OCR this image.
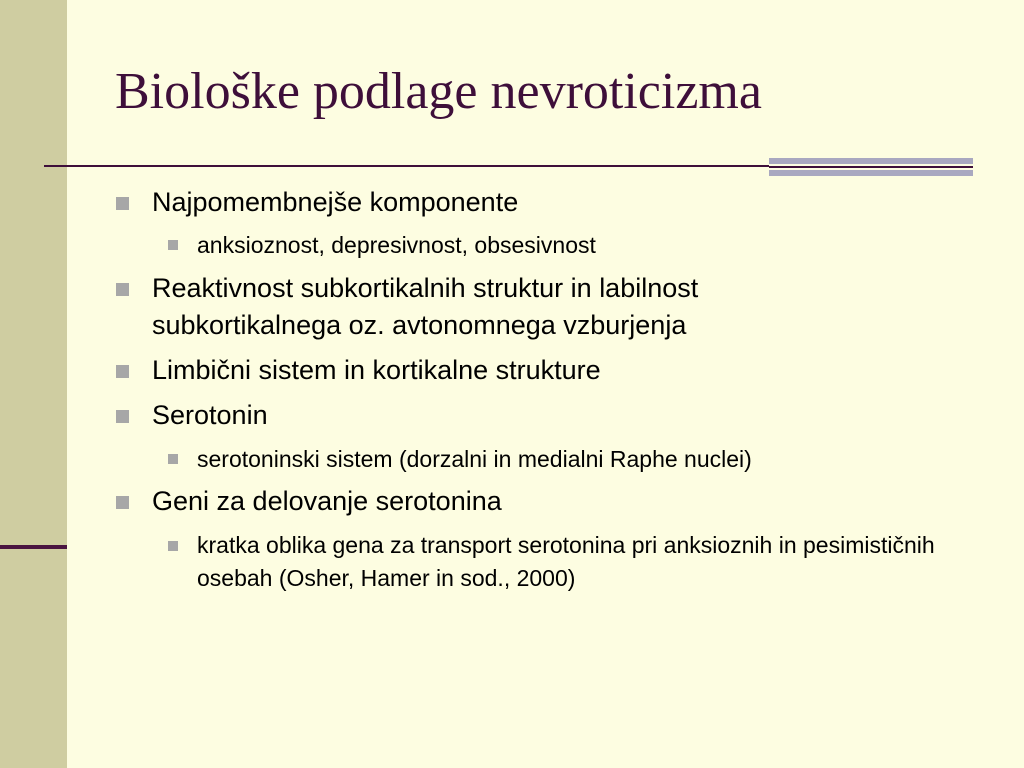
Biološke podlage nevroticizma
Najpomembnejše komponente
anksioznost, depresivnost, obsesivnost
Reaktivnost subkortikalnih struktur in labilnost subkortikalnega oz. avtonomnega vzburjenja
Limbični sistem in kortikalne strukture
Serotonin
serotoninski sistem (dorzalni in medialni Raphe nuclei)
Geni za delovanje serotonina
kratka oblika gena za transport serotonina pri anksioznih in pesimističnih osebah (Osher, Hamer in sod., 2000)
